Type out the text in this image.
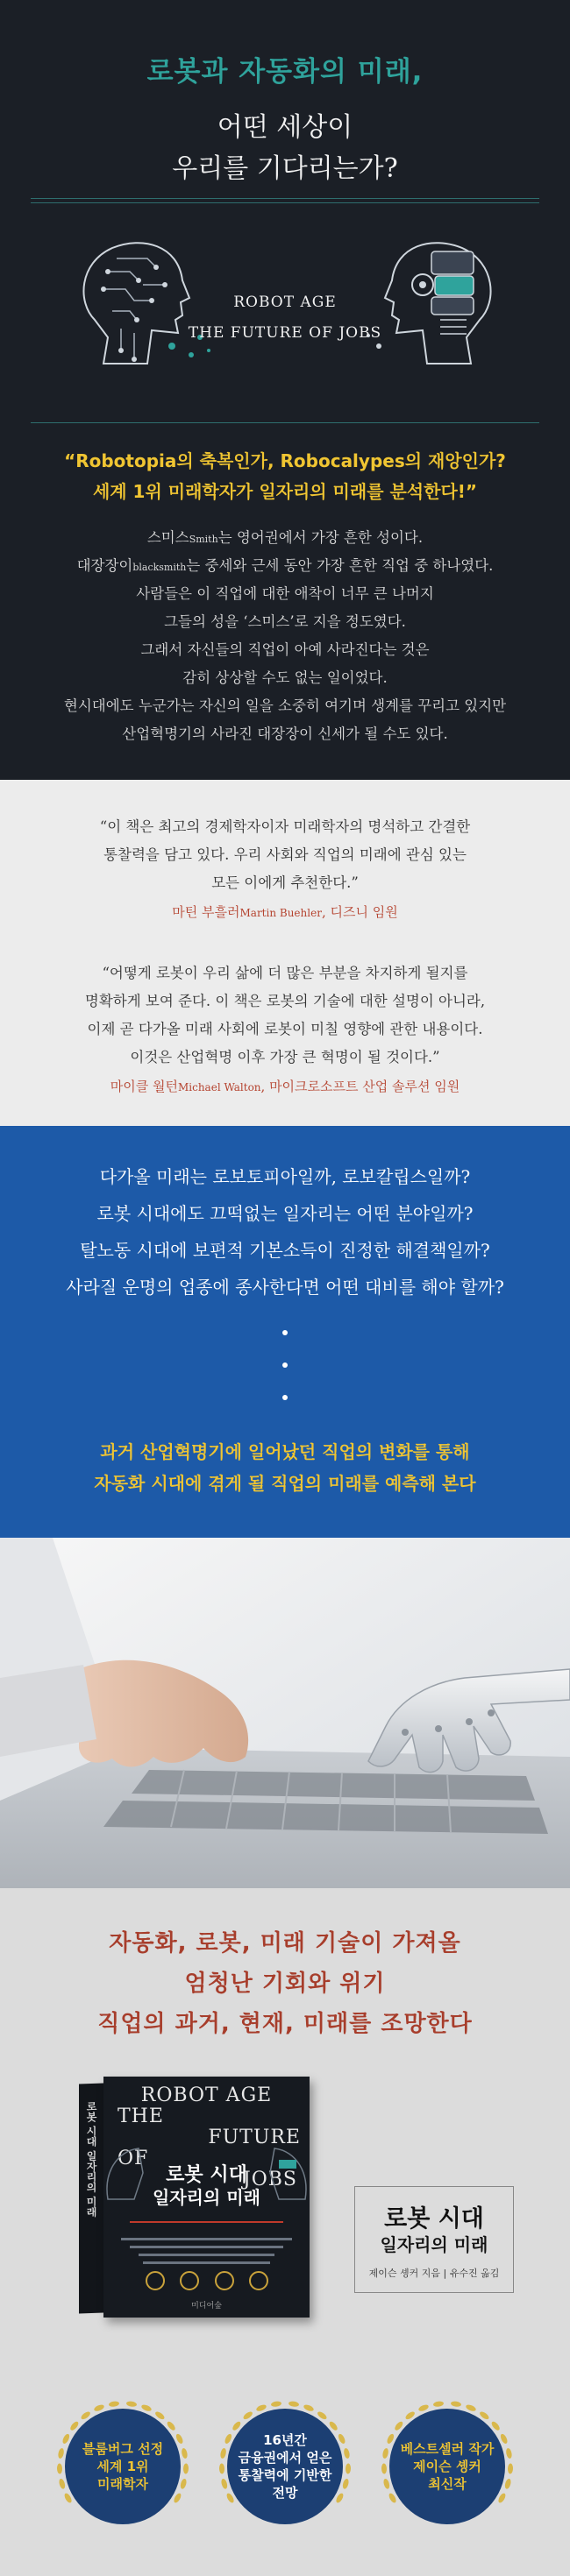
로봇과 자동화의 미래,
어떤 세상이
우리를 기다리는가?
ROBOT AGE
THE FUTURE OF JOBS
“Robotopia의 축복인가, Robocalypes의 재앙인가?
세계 1위 미래학자가 일자리의 미래를 분석한다!”
스미스Smith는 영어권에서 가장 흔한 성이다.
대장장이blacksmith는 중세와 근세 동안 가장 흔한 직업 중 하나였다.
사람들은 이 직업에 대한 애착이 너무 큰 나머지
그들의 성을 ‘스미스’로 지을 정도였다.
그래서 자신들의 직업이 아예 사라진다는 것은
감히 상상할 수도 없는 일이었다.
현시대에도 누군가는 자신의 일을 소중히 여기며 생계를 꾸리고 있지만
산업혁명기의 사라진 대장장이 신세가 될 수도 있다.
“이 책은 최고의 경제학자이자 미래학자의 명석하고 간결한
통찰력을 담고 있다. 우리 사회와 직업의 미래에 관심 있는
모든 이에게 추천한다.”
마틴 부흘러Martin Buehler, 디즈니 임원
“어떻게 로봇이 우리 삶에 더 많은 부분을 차지하게 될지를
명확하게 보여 준다. 이 책은 로봇의 기술에 대한 설명이 아니라,
이제 곧 다가올 미래 사회에 로봇이 미칠 영향에 관한 내용이다.
이것은 산업혁명 이후 가장 큰 혁명이 될 것이다.”
마이클 월턴Michael Walton, 마이크로소프트 산업 솔루션 임원
다가올 미래는 로보토피아일까, 로보칼립스일까?
로봇 시대에도 끄떡없는 일자리는 어떤 분야일까?
탈노동 시대에 보편적 기본소득이 진정한 해결책일까?
사라질 운명의 업종에 종사한다면 어떤 대비를 해야 할까?
과거 산업혁명기에 일어났던 직업의 변화를 통해
자동화 시대에 겪게 될 직업의 미래를 예측해 본다
자동화, 로봇, 미래 기술이 가져올
엄청난 기회와 위기
직업의 과거, 현재, 미래를 조망한다
로봇 시대 일자리의 미래
ROBOT AGE
THE
FUTURE
OF
JOBS
로봇 시대
일자리의 미래
미디어숲
로봇 시대
일자리의 미래
제이슨 솅커 지음 | 유수진 옮김
블룸버그 선정
세계 1위
미래학자
16년간
금융권에서 얻은
통찰력에 기반한
전망
베스트셀러 작가
제이슨 솅커
최신작
